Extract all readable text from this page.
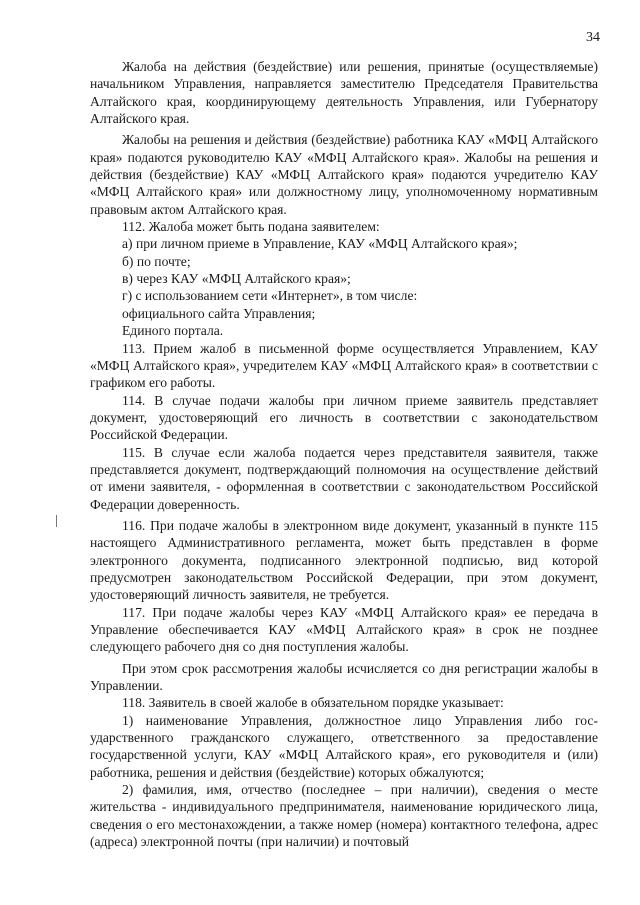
34

Жалоба на действия (бездействие) или решения, принятые (осуществляемые) начальником Управления, направляется заместителю Председателя Правительства Алтайского края, координирующему деятельность Управления, или Губернатору Алтайского края.

Жалобы на решения и действия (бездействие) работника КАУ «МФЦ Алтайского края» подаются руководителю КАУ «МФЦ Алтайского края». Жалобы на решения и действия (бездействие) КАУ «МФЦ Алтайского края» подаются учредителю КАУ «МФЦ Алтайского края» или должностному лицу, уполномоченному нормативным правовым актом Алтайского края.

112. Жалоба может быть подана заявителем:

а) при личном приеме в Управление, КАУ «МФЦ Алтайского края»;

б) по почте;

в) через КАУ «МФЦ Алтайского края»;

г) с использованием сети «Интернет», в том числе:

официального сайта Управления;

Единого портала.

113. Прием жалоб в письменной форме осуществляется Управлением, КАУ «МФЦ Алтайского края», учредителем КАУ «МФЦ Алтайского края» в соответствии с графиком его работы.

114. В случае подачи жалобы при личном приеме заявитель представляет документ, удостоверяющий его личность в соответствии с законодательством Российской Федерации.

115. В случае если жалоба подается через представителя заявителя, также представляется документ, подтверждающий полномочия на осуществление действий от имени заявителя, - оформленная в соответствии с законодательством Российской Федерации доверенность.

116. При подаче жалобы в электронном виде документ, указанный в пункте 115 настоящего Административного регламента, может быть представлен в форме электронного документа, подписанного электронной подписью, вид которой предусмотрен законодательством Российской Федерации, при этом документ, удостоверяющий личность заявителя, не требуется.

117. При подаче жалобы через КАУ «МФЦ Алтайского края» ее передача в Управление обеспечивается КАУ «МФЦ Алтайского края» в срок не позднее следующего рабочего дня со дня поступления жалобы.

При этом срок рассмотрения жалобы исчисляется со дня регистрации жалобы в Управлении.

118. Заявитель в своей жалобе в обязательном порядке указывает:

1) наименование Управления, должностное лицо Управления либо государственного гражданского служащего, ответственного за предоставление государственной услуги, КАУ «МФЦ Алтайского края», его руководителя и (или) работника, решения и действия (бездействие) которых обжалуются;

2) фамилия, имя, отчество (последнее – при наличии), сведения о месте жительства - индивидуального предпринимателя, наименование юридического лица, сведения о его местонахождении, а также номер (номера) контактного телефона, адрес (адреса) электронной почты (при наличии) и почтовый
